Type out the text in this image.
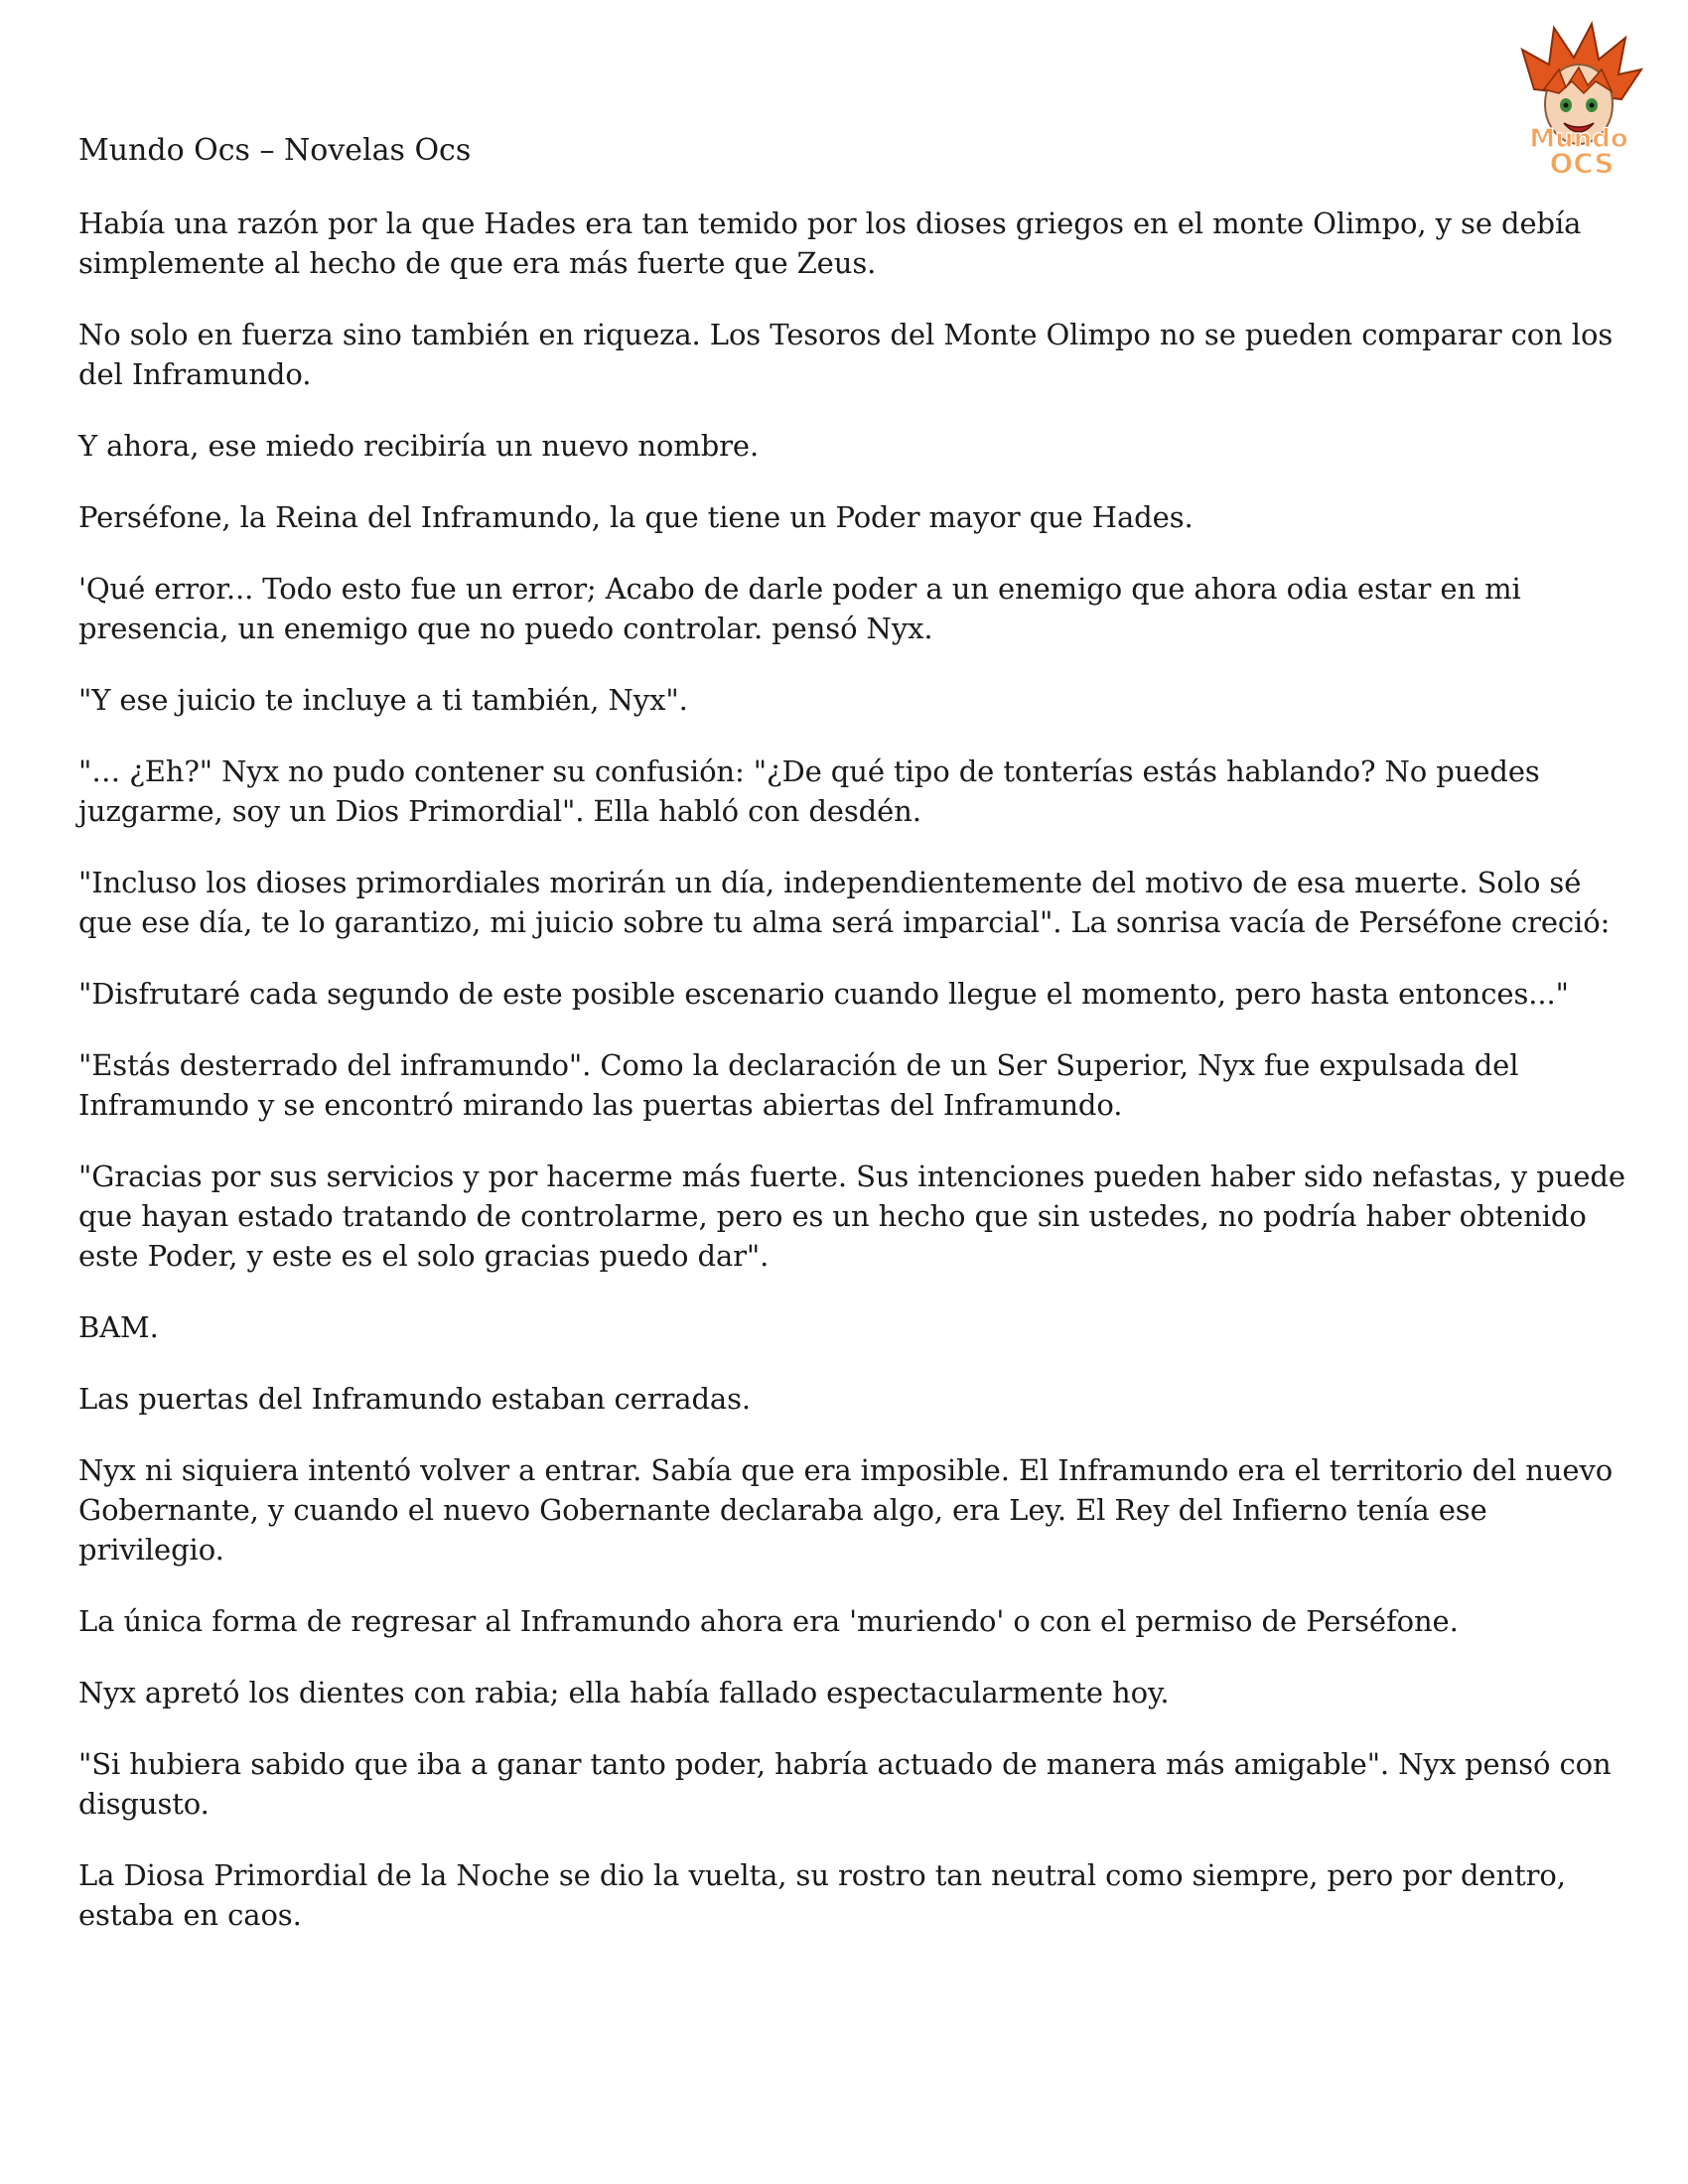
Mundo
OCS

Mundo Ocs – Novelas Ocs

Había una razón por la que Hades era tan temido por los dioses griegos en el monte Olimpo, y se debía simplemente al hecho de que era más fuerte que Zeus.

No solo en fuerza sino también en riqueza. Los Tesoros del Monte Olimpo no se pueden comparar con los del Inframundo.

Y ahora, ese miedo recibiría un nuevo nombre.

Perséfone, la Reina del Inframundo, la que tiene un Poder mayor que Hades.

'Qué error... Todo esto fue un error; Acabo de darle poder a un enemigo que ahora odia estar en mi presencia, un enemigo que no puedo controlar. pensó Nyx.

"Y ese juicio te incluye a ti también, Nyx".

"… ¿Eh?" Nyx no pudo contener su confusión: "¿De qué tipo de tonterías estás hablando? No puedes juzgarme, soy un Dios Primordial". Ella habló con desdén.

"Incluso los dioses primordiales morirán un día, independientemente del motivo de esa muerte. Solo sé que ese día, te lo garantizo, mi juicio sobre tu alma será imparcial". La sonrisa vacía de Perséfone creció:

"Disfrutaré cada segundo de este posible escenario cuando llegue el momento, pero hasta entonces..."

"Estás desterrado del inframundo". Como la declaración de un Ser Superior, Nyx fue expulsada del Inframundo y se encontró mirando las puertas abiertas del Inframundo.

"Gracias por sus servicios y por hacerme más fuerte. Sus intenciones pueden haber sido nefastas, y puede que hayan estado tratando de controlarme, pero es un hecho que sin ustedes, no podría haber obtenido este Poder, y este es el solo gracias puedo dar".

BAM.

Las puertas del Inframundo estaban cerradas.

Nyx ni siquiera intentó volver a entrar. Sabía que era imposible. El Inframundo era el territorio del nuevo Gobernante, y cuando el nuevo Gobernante declaraba algo, era Ley. El Rey del Infierno tenía ese privilegio.

La única forma de regresar al Inframundo ahora era 'muriendo' o con el permiso de Perséfone.

Nyx apretó los dientes con rabia; ella había fallado espectacularmente hoy.

"Si hubiera sabido que iba a ganar tanto poder, habría actuado de manera más amigable". Nyx pensó con disgusto.

La Diosa Primordial de la Noche se dio la vuelta, su rostro tan neutral como siempre, pero por dentro, estaba en caos.
